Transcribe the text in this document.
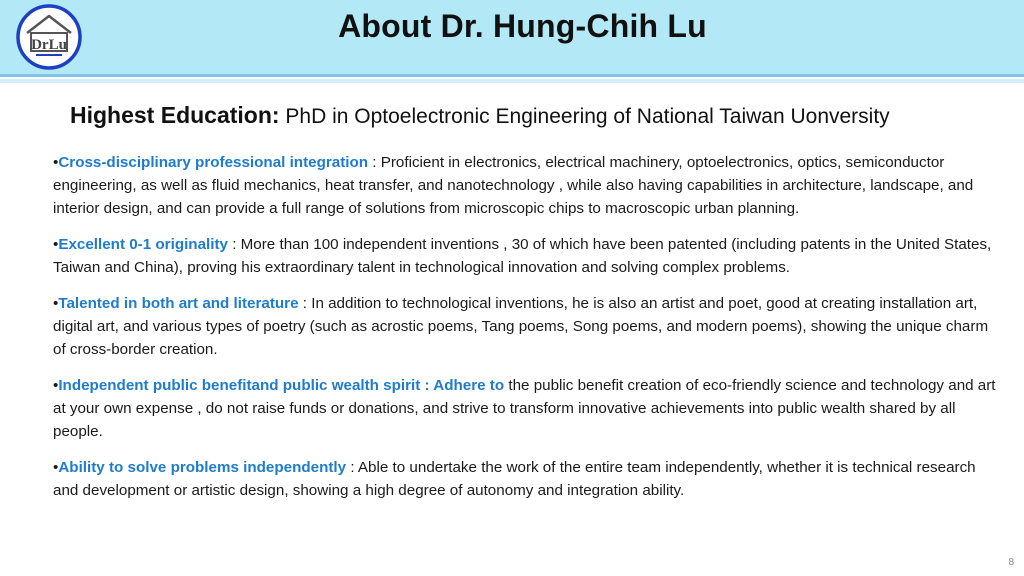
DrLu
About Dr. Hung-Chih Lu
Highest Education: PhD in Optoelectronic Engineering of National Taiwan Uonversity
•Cross-disciplinary professional integration : Proficient in electronics, electrical machinery, optoelectronics, optics, semiconductor engineering, as well as fluid mechanics, heat transfer, and nanotechnology , while also having capabilities in architecture, landscape, and interior design, and can provide a full range of solutions from microscopic chips to macroscopic urban planning.
•Excellent 0-1 originality : More than 100 independent inventions , 30 of which have been patented (including patents in the United States, Taiwan and China), proving his extraordinary talent in technological innovation and solving complex problems.
•Talented in both art and literature : In addition to technological inventions, he is also an artist and poet, good at creating installation art, digital art, and various types of poetry (such as acrostic poems, Tang poems, Song poems, and modern poems), showing the unique charm of cross-border creation.
•Independent public benefitand public wealth spirit : Adhere to the public benefit creation of eco-friendly science and technology and art at your own expense , do not raise funds or donations, and strive to transform innovative achievements into public wealth shared by all people.
•Ability to solve problems independently : Able to undertake the work of the entire team independently, whether it is technical research and development or artistic design, showing a high degree of autonomy and integration ability.
8
